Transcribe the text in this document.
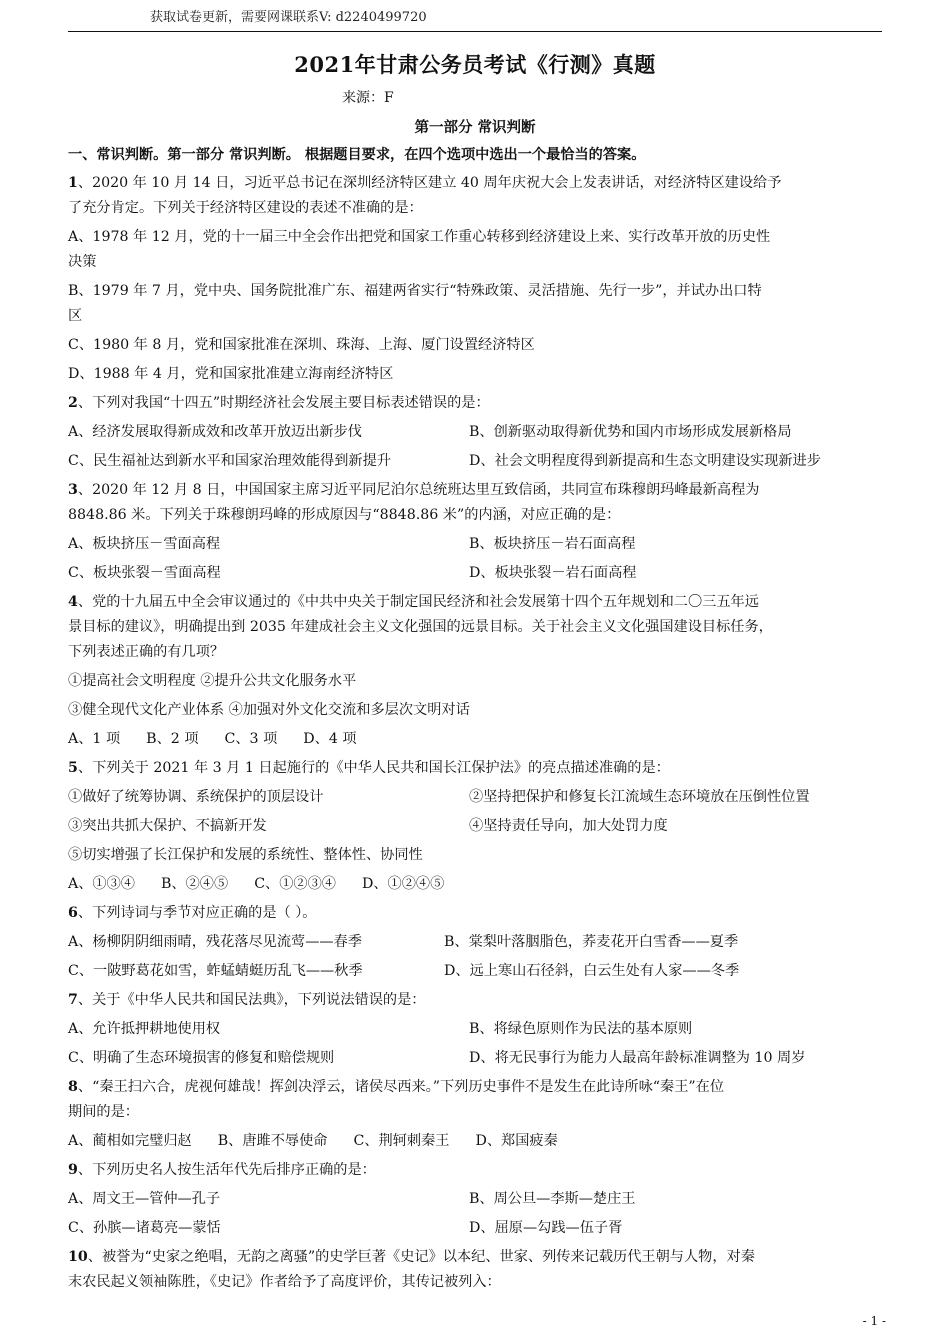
获取试卷更新，需要网课联系V: d2240499720
2021年甘肃公务员考试《行测》真题
来源：F
第一部分 常识判断
一、常识判断。第一部分 常识判断。 根据题目要求，在四个选项中选出一个最恰当的答案。
1、2020 年 10 月 14 日，习近平总书记在深圳经济特区建立 40 周年庆祝大会上发表讲话，对经济特区建设给予
了充分肯定。下列关于经济特区建设的表述不准确的是：
A、1978 年 12 月，党的十一届三中全会作出把党和国家工作重心转移到经济建设上来、实行改革开放的历史性
决策
B、1979 年 7 月，党中央、国务院批准广东、福建两省实行“特殊政策、灵活措施、先行一步”，并试办出口特
区
C、1980 年 8 月，党和国家批准在深圳、珠海、上海、厦门设置经济特区
D、1988 年 4 月，党和国家批准建立海南经济特区
2、下列对我国“十四五”时期经济社会发展主要目标表述错误的是：
A、经济发展取得新成效和改革开放迈出新步伐	B、创新驱动取得新优势和国内市场形成发展新格局
C、民生福祉达到新水平和国家治理效能得到新提升	D、社会文明程度得到新提高和生态文明建设实现新进步
3、2020 年 12 月 8 日，中国国家主席习近平同尼泊尔总统班达里互致信函，共同宣布珠穆朗玛峰最新高程为
8848.86 米。下列关于珠穆朗玛峰的形成原因与“8848.86 米”的内涵，对应正确的是：
A、板块挤压－雪面高程	B、板块挤压－岩石面高程
C、板块张裂－雪面高程	D、板块张裂－岩石面高程
4、党的十九届五中全会审议通过的《中共中央关于制定国民经济和社会发展第十四个五年规划和二〇三五年远
景目标的建议》，明确提出到 2035 年建成社会主义文化强国的远景目标。关于社会主义文化强国建设目标任务，
下列表述正确的有几项？
①提高社会文明程度 ②提升公共文化服务水平
③健全现代文化产业体系 ④加强对外文化交流和多层次文明对话
A、1 项 B、2 项 C、3 项 D、4 项
5、下列关于 2021 年 3 月 1 日起施行的《中华人民共和国长江保护法》的亮点描述准确的是：
①做好了统筹协调、系统保护的顶层设计	②坚持把保护和修复长江流域生态环境放在压倒性位置
③突出共抓大保护、不搞新开发	④坚持责任导向，加大处罚力度
⑤切实增强了长江保护和发展的系统性、整体性、协同性
A、①③④ B、②④⑤ C、①②③④ D、①②④⑤
6、下列诗词与季节对应正确的是（ ）。
A、杨柳阴阴细雨晴，残花落尽见流莺——春季	B、棠梨叶落胭脂色，荞麦花开白雪香——夏季
C、一陂野葛花如雪，蚱蜢蜻蜓历乱飞——秋季	D、远上寒山石径斜，白云生处有人家——冬季
7、关于《中华人民共和国民法典》，下列说法错误的是：
A、允许抵押耕地使用权	B、将绿色原则作为民法的基本原则
C、明确了生态环境损害的修复和赔偿规则	D、将无民事行为能力人最高年龄标准调整为 10 周岁
8、“秦王扫六合，虎视何雄哉！挥剑决浮云，诸侯尽西来。”下列历史事件不是发生在此诗所咏“秦王”在位
期间的是：
A、蔺相如完璧归赵 B、唐雎不辱使命 C、荆轲刺秦王 D、郑国疲秦
9、下列历史名人按生活年代先后排序正确的是：
A、周文王—管仲—孔子	B、周公旦—李斯—楚庄王
C、孙膑—诸葛亮—蒙恬	D、屈原—勾践—伍子胥
10、被誉为“史家之绝唱，无韵之离骚”的史学巨著《史记》以本纪、世家、列传来记载历代王朝与人物，对秦
末农民起义领袖陈胜，《史记》作者给予了高度评价，其传记被列入：
- 1 -
